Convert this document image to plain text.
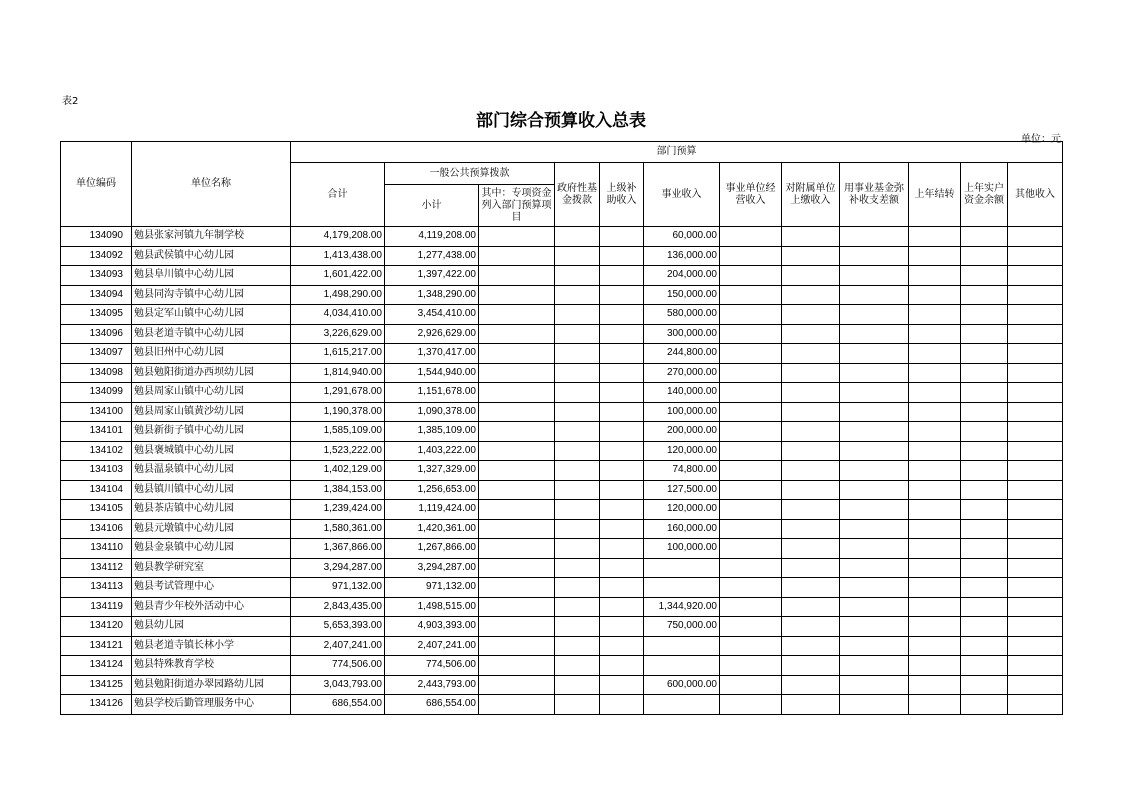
表2
部门综合预算收入总表
单位：元
单位编码	单位名称	部门预算											
		合计	一般公共预算拨款		政府性基金拨款	上级补助收入	事业收入	事业单位经营收入	对附属单位上缴收入	用事业基金弥补收支差额	上年结转	上年实户资金余额	其他收入
			小计	其中：专项资金列入部门预算项目									
134090	勉县张家河镇九年制学校	4,179,208.00	4,119,208.00				60,000.00						
134092	勉县武侯镇中心幼儿园	1,413,438.00	1,277,438.00				136,000.00						
134093	勉县阜川镇中心幼儿园	1,601,422.00	1,397,422.00				204,000.00						
134094	勉县同沟寺镇中心幼儿园	1,498,290.00	1,348,290.00				150,000.00						
134095	勉县定军山镇中心幼儿园	4,034,410.00	3,454,410.00				580,000.00						
134096	勉县老道寺镇中心幼儿园	3,226,629.00	2,926,629.00				300,000.00						
134097	勉县旧州中心幼儿园	1,615,217.00	1,370,417.00				244,800.00						
134098	勉县勉阳街道办西坝幼儿园	1,814,940.00	1,544,940.00				270,000.00						
134099	勉县周家山镇中心幼儿园	1,291,678.00	1,151,678.00				140,000.00						
134100	勉县周家山镇黄沙幼儿园	1,190,378.00	1,090,378.00				100,000.00						
134101	勉县新街子镇中心幼儿园	1,585,109.00	1,385,109.00				200,000.00						
134102	勉县褒城镇中心幼儿园	1,523,222.00	1,403,222.00				120,000.00						
134103	勉县温泉镇中心幼儿园	1,402,129.00	1,327,329.00				74,800.00						
134104	勉县镇川镇中心幼儿园	1,384,153.00	1,256,653.00				127,500.00						
134105	勉县茶店镇中心幼儿园	1,239,424.00	1,119,424.00				120,000.00						
134106	勉县元墩镇中心幼儿园	1,580,361.00	1,420,361.00				160,000.00						
134110	勉县金泉镇中心幼儿园	1,367,866.00	1,267,866.00				100,000.00						
134112	勉县教学研究室	3,294,287.00	3,294,287.00										
134113	勉县考试管理中心	971,132.00	971,132.00										
134119	勉县青少年校外活动中心	2,843,435.00	1,498,515.00				1,344,920.00						
134120	勉县幼儿园	5,653,393.00	4,903,393.00				750,000.00						
134121	勉县老道寺镇长林小学	2,407,241.00	2,407,241.00										
134124	勉县特殊教育学校	774,506.00	774,506.00										
134125	勉县勉阳街道办翠园路幼儿园	3,043,793.00	2,443,793.00				600,000.00						
134126	勉县学校后勤管理服务中心	686,554.00	686,554.00										
